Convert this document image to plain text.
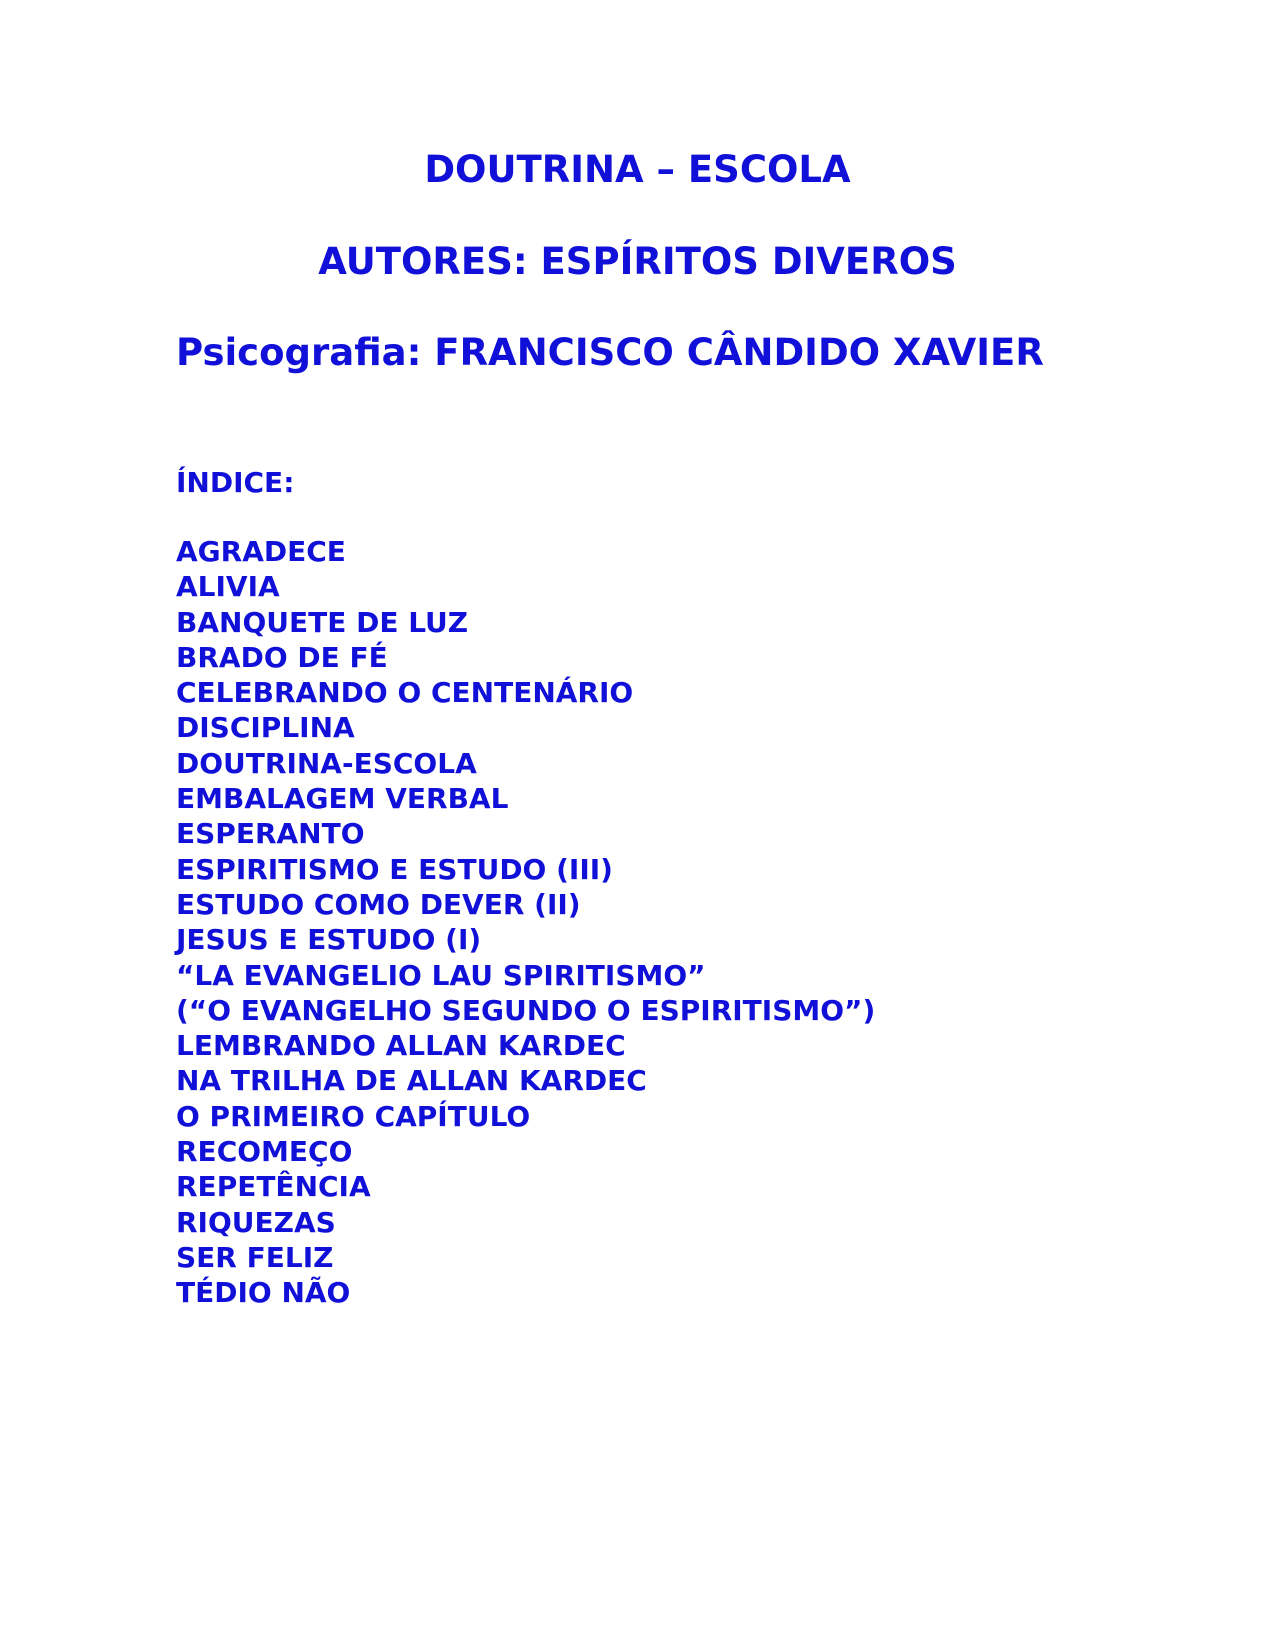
DOUTRINA – ESCOLA
AUTORES: ESPÍRITOS DIVEROS
Psicografia: FRANCISCO CÂNDIDO XAVIER
ÍNDICE:
AGRADECE
ALIVIA
BANQUETE DE LUZ
BRADO DE FÉ
CELEBRANDO O CENTENÁRIO
DISCIPLINA
DOUTRINA-ESCOLA
EMBALAGEM VERBAL
ESPERANTO
ESPIRITISMO E ESTUDO (III)
ESTUDO COMO DEVER (II)
JESUS E ESTUDO (I)
“LA EVANGELIO LAU SPIRITISMO”
(“O EVANGELHO SEGUNDO O ESPIRITISMO”)
LEMBRANDO ALLAN KARDEC
NA TRILHA DE ALLAN KARDEC
O PRIMEIRO CAPÍTULO
RECOMEÇO
REPETÊNCIA
RIQUEZAS
SER FELIZ
TÉDIO NÃO
